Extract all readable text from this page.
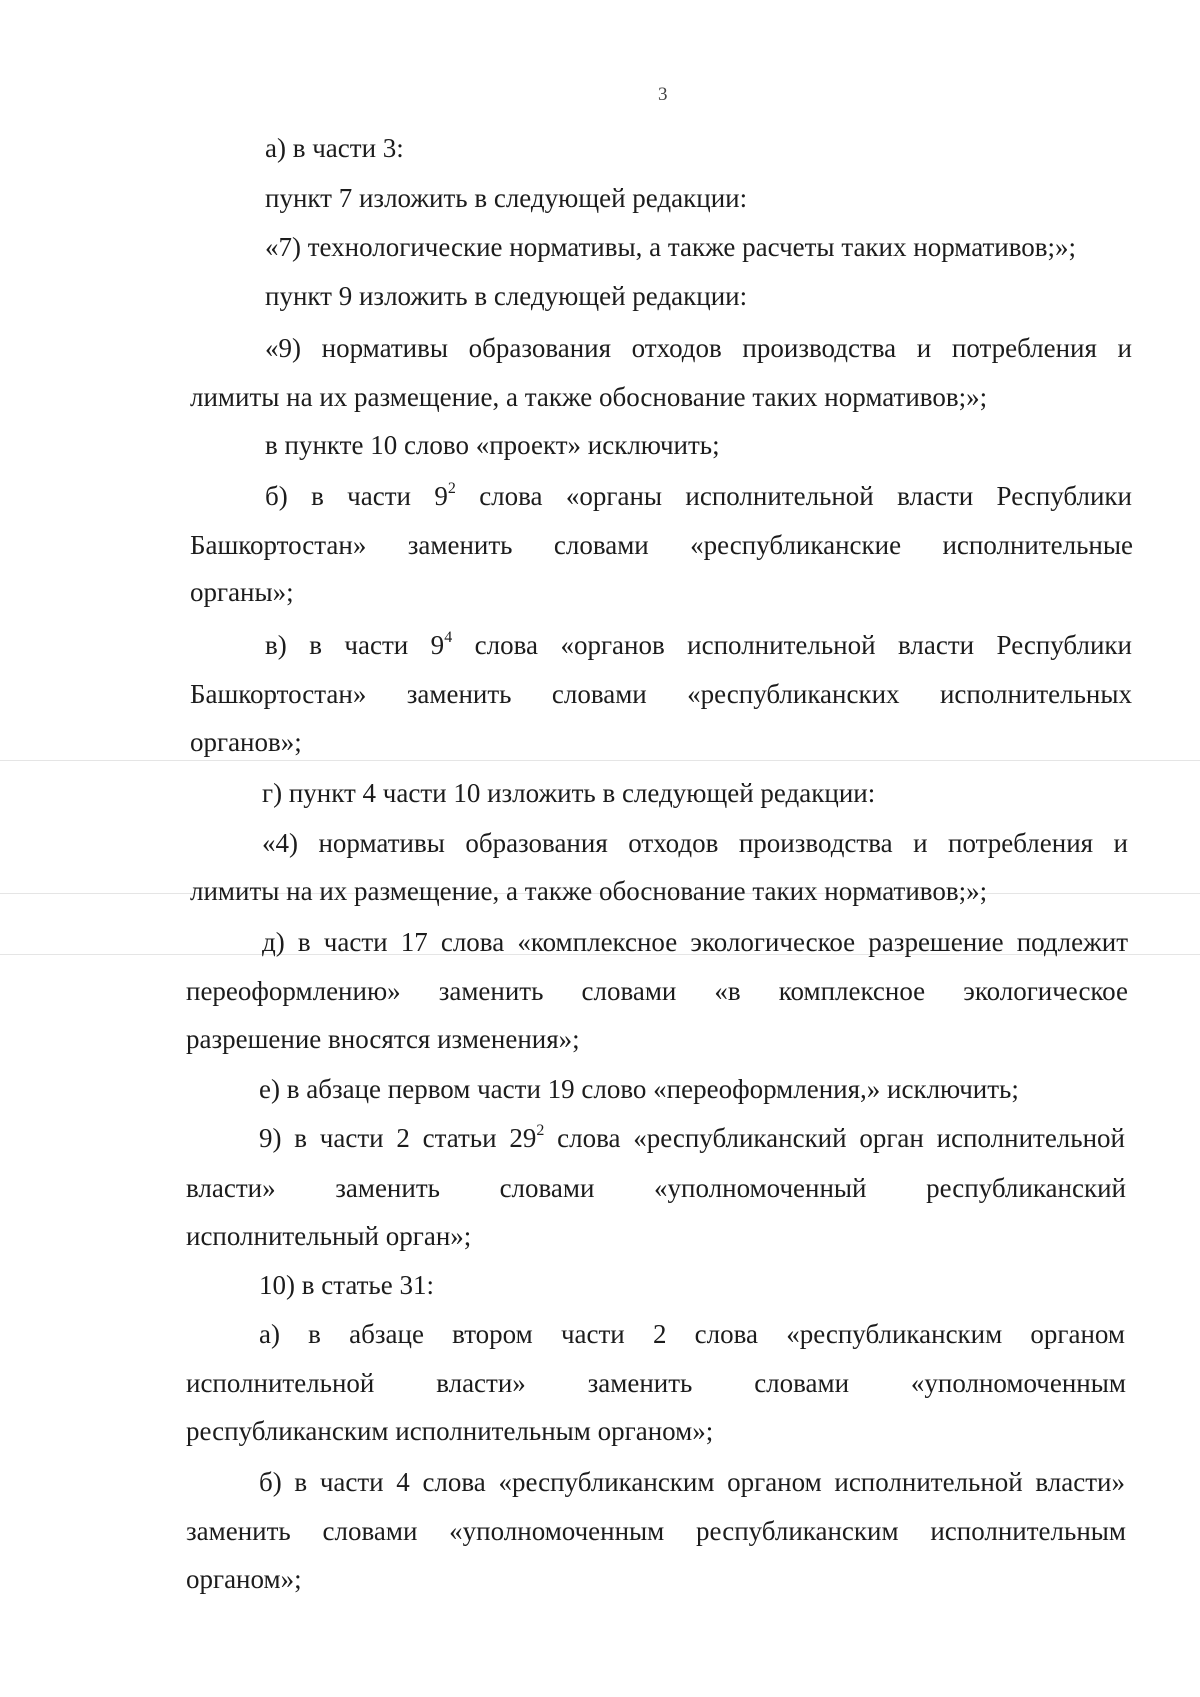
3
а) в части 3:
пункт 7 изложить в следующей редакции:
«7) технологические нормативы, а также расчеты таких нормативов;»;
пункт 9 изложить в следующей редакции:
«9) нормативы образования отходов производства и потребления и
лимиты на их размещение, а также обоснование таких нормативов;»;
в пункте 10 слово «проект» исключить;
б) в части $9^2$ слова «органы исполнительной власти Республики
Башкортостан» заменить словами «республиканские исполнительные
органы»;
в) в части $9^4$ слова «органов исполнительной власти Республики
Башкортостан» заменить словами «республиканских исполнительных
органов»;
г) пункт 4 части 10 изложить в следующей редакции:
«4) нормативы образования отходов производства и потребления и
лимиты на их размещение, а также обоснование таких нормативов;»;
д) в части 17 слова «комплексное экологическое разрешение подлежит
переоформлению» заменить словами «в комплексное экологическое
разрешение вносятся изменения»;
е) в абзаце первом части 19 слово «переоформления,» исключить;
9) в части 2 статьи $29^2$ слова «республиканский орган исполнительной
власти» заменить словами «уполномоченный республиканский
исполнительный орган»;
10) в статье 31:
а) в абзаце втором части 2 слова «республиканским органом
исполнительной власти» заменить словами «уполномоченным
республиканским исполнительным органом»;
б) в части 4 слова «республиканским органом исполнительной власти»
заменить словами «уполномоченным республиканским исполнительным
органом»;
